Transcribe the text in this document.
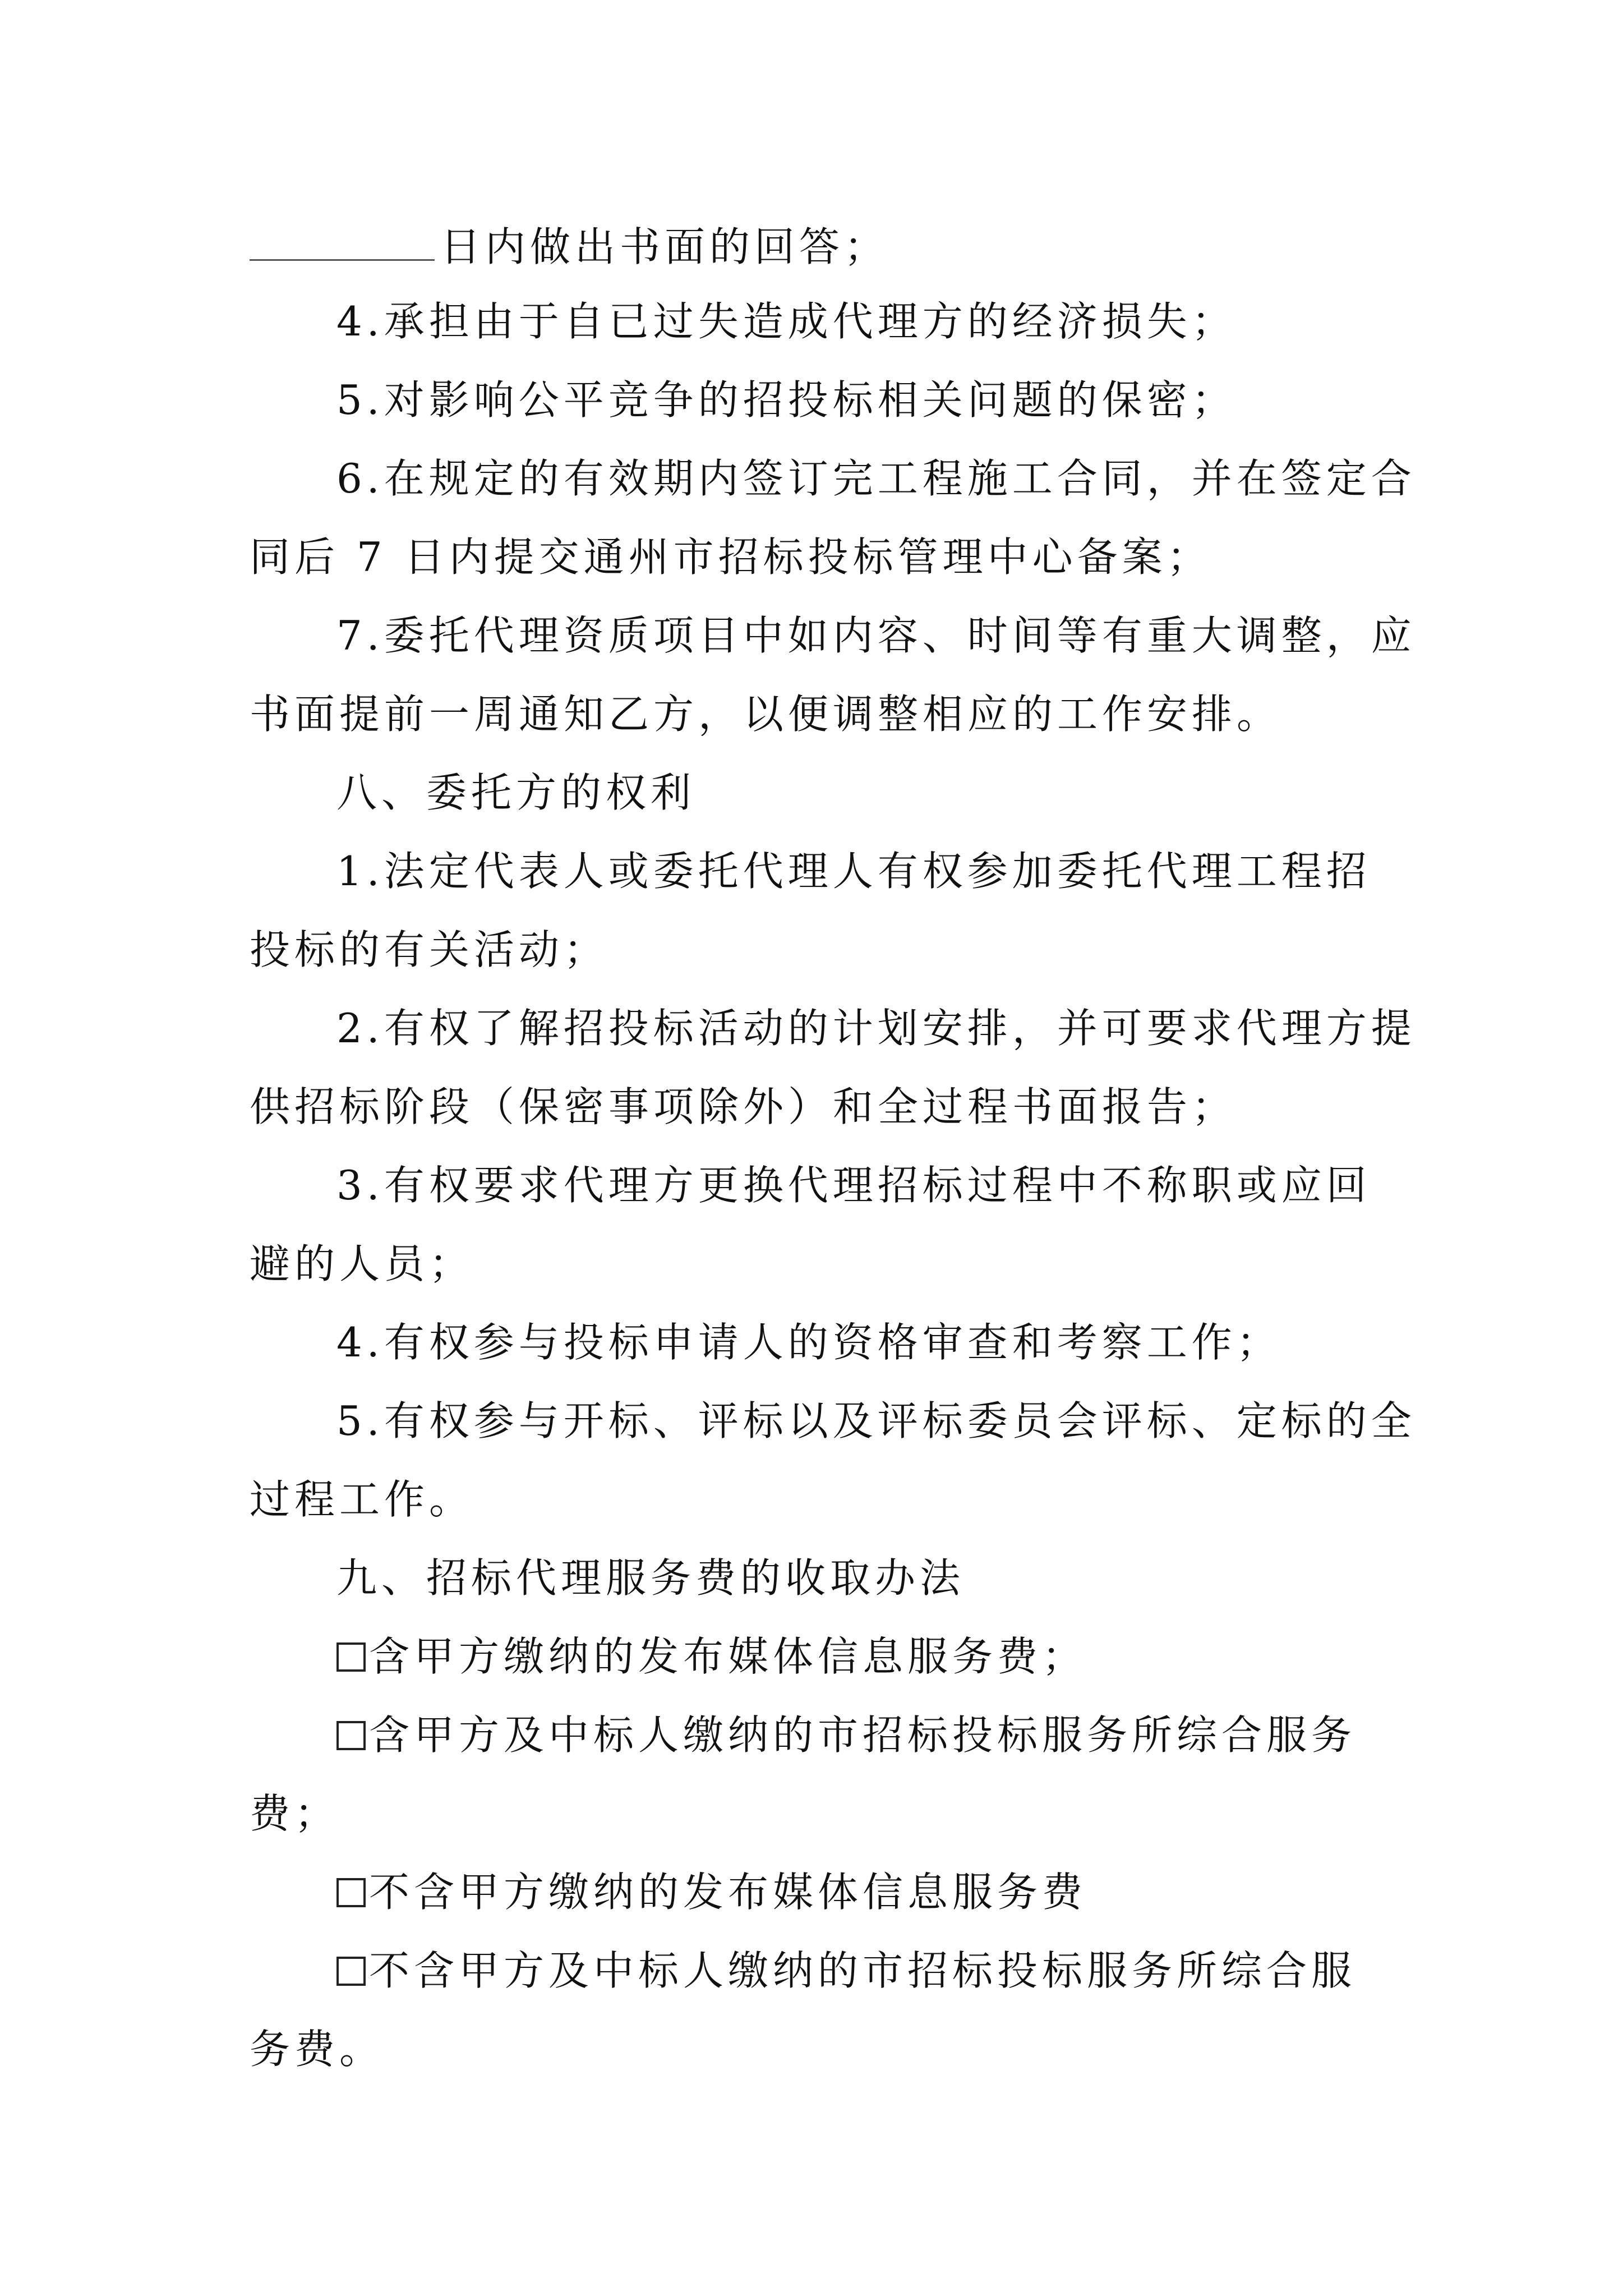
日内做出书面的回答；
4.承担由于自已过失造成代理方的经济损失；
5.对影响公平竞争的招投标相关问题的保密；
6.在规定的有效期内签订完工程施工合同，并在签定合
同后 7 日内提交通州市招标投标管理中心备案；
7.委托代理资质项目中如内容、时间等有重大调整，应
书面提前一周通知乙方，以便调整相应的工作安排。
八、委托方的权利
1.法定代表人或委托代理人有权参加委托代理工程招
投标的有关活动；
2.有权了解招投标活动的计划安排，并可要求代理方提
供招标阶段（保密事项除外）和全过程书面报告；
3.有权要求代理方更换代理招标过程中不称职或应回
避的人员；
4.有权参与投标申请人的资格审查和考察工作；
5.有权参与开标、评标以及评标委员会评标、定标的全
过程工作。
九、招标代理服务费的收取办法
含甲方缴纳的发布媒体信息服务费；
含甲方及中标人缴纳的市招标投标服务所综合服务
费；
不含甲方缴纳的发布媒体信息服务费
不含甲方及中标人缴纳的市招标投标服务所综合服
务费。
